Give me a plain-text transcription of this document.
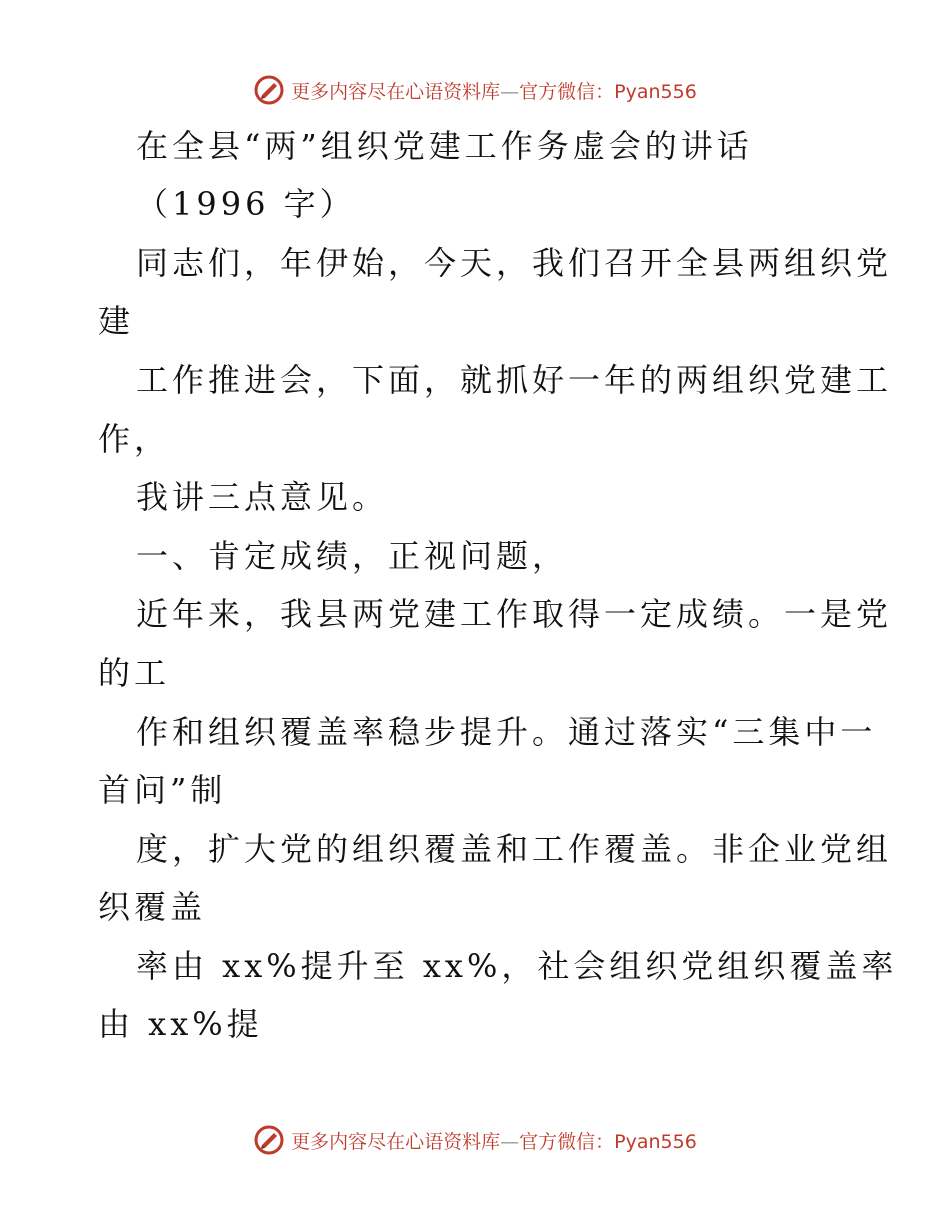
更多内容尽在心语资料库—官方微信：Pyan556
在全县“两”组织党建工作务虚会的讲话
（1996 字）
同志们，年伊始，今天，我们召开全县两组织党
建
工作推进会，下面，就抓好一年的两组织党建工
作，
我讲三点意见。
一、肯定成绩，正视问题，
近年来，我县两党建工作取得一定成绩。一是党
的工
作和组织覆盖率稳步提升。通过落实“三集中一
首问”制
度，扩大党的组织覆盖和工作覆盖。非企业党组
织覆盖
率由 xx%提升至 xx%，社会组织党组织覆盖率
由 xx%提
更多内容尽在心语资料库—官方微信：Pyan556
